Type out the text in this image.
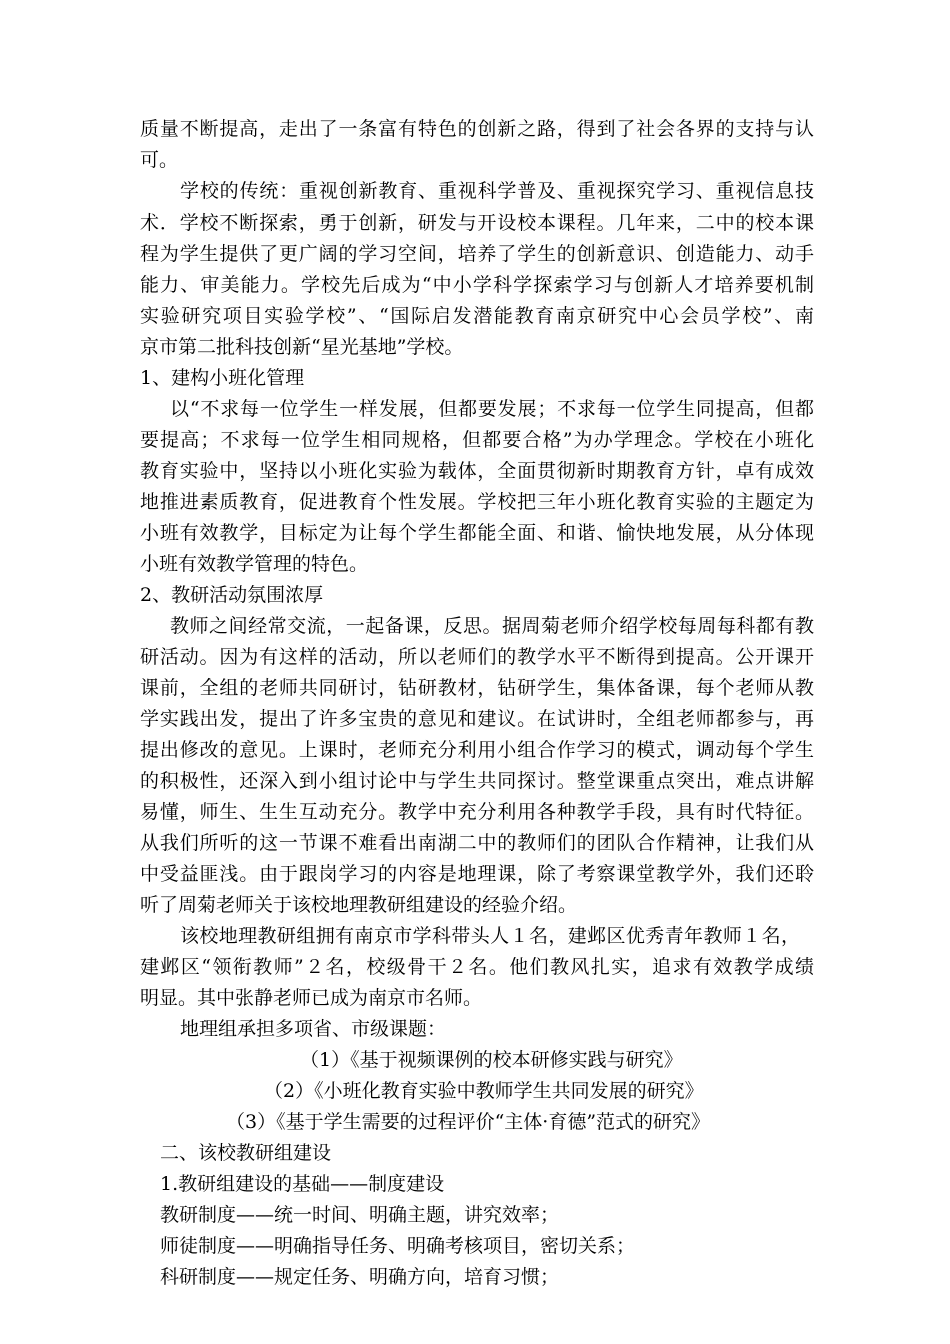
质量不断提高，走出了一条富有特色的创新之路，得到了社会各界的支持与认
可。
学校的传统：重视创新教育、重视科学普及、重视探究学习、重视信息技
术．学校不断探索，勇于创新，研发与开设校本课程。几年来，二中的校本课
程为学生提供了更广阔的学习空间，培养了学生的创新意识、创造能力、动手
能力、审美能力。学校先后成为“中小学科学探索学习与创新人才培养要机制
实验研究项目实验学校”、“国际启发潜能教育南京研究中心会员学校”、南
京市第二批科技创新“星光基地”学校。
1、建构小班化管理
以“不求每一位学生一样发展，但都要发展；不求每一位学生同提高，但都
要提高；不求每一位学生相同规格，但都要合格”为办学理念。学校在小班化
教育实验中，坚持以小班化实验为载体，全面贯彻新时期教育方针，卓有成效
地推进素质教育，促进教育个性发展。学校把三年小班化教育实验的主题定为
小班有效教学，目标定为让每个学生都能全面、和谐、愉快地发展，从分体现
小班有效教学管理的特色。
2、教研活动氛围浓厚
教师之间经常交流，一起备课，反思。据周菊老师介绍学校每周每科都有教
研活动。因为有这样的活动，所以老师们的教学水平不断得到提高。公开课开
课前，全组的老师共同研讨，钻研教材，钻研学生，集体备课，每个老师从教
学实践出发，提出了许多宝贵的意见和建议。在试讲时，全组老师都参与，再
提出修改的意见。上课时，老师充分利用小组合作学习的模式，调动每个学生
的积极性，还深入到小组讨论中与学生共同探讨。整堂课重点突出，难点讲解
易懂，师生、生生互动充分。教学中充分利用各种教学手段，具有时代特征。
从我们所听的这一节课不难看出南湖二中的教师们的团队合作精神，让我们从
中受益匪浅。由于跟岗学习的内容是地理课，除了考察课堂教学外，我们还聆
听了周菊老师关于该校地理教研组建设的经验介绍。
该校地理教研组拥有南京市学科带头人１名，建邺区优秀青年教师１名，
建邺区“领衔教师”２名，校级骨干２名。他们教风扎实，追求有效教学成绩
明显。其中张静老师已成为南京市名师。
地理组承担多项省、市级课题：
（1）《基于视频课例的校本研修实践与研究》
（2）《小班化教育实验中教师学生共同发展的研究》
（3）《基于学生需要的过程评价“主体·育德”范式的研究》
二、该校教研组建设
1.教研组建设的基础——制度建设
教研制度——统一时间、明确主题，讲究效率；
师徒制度——明确指导任务、明确考核项目，密切关系；
科研制度——规定任务、明确方向，培育习惯；
